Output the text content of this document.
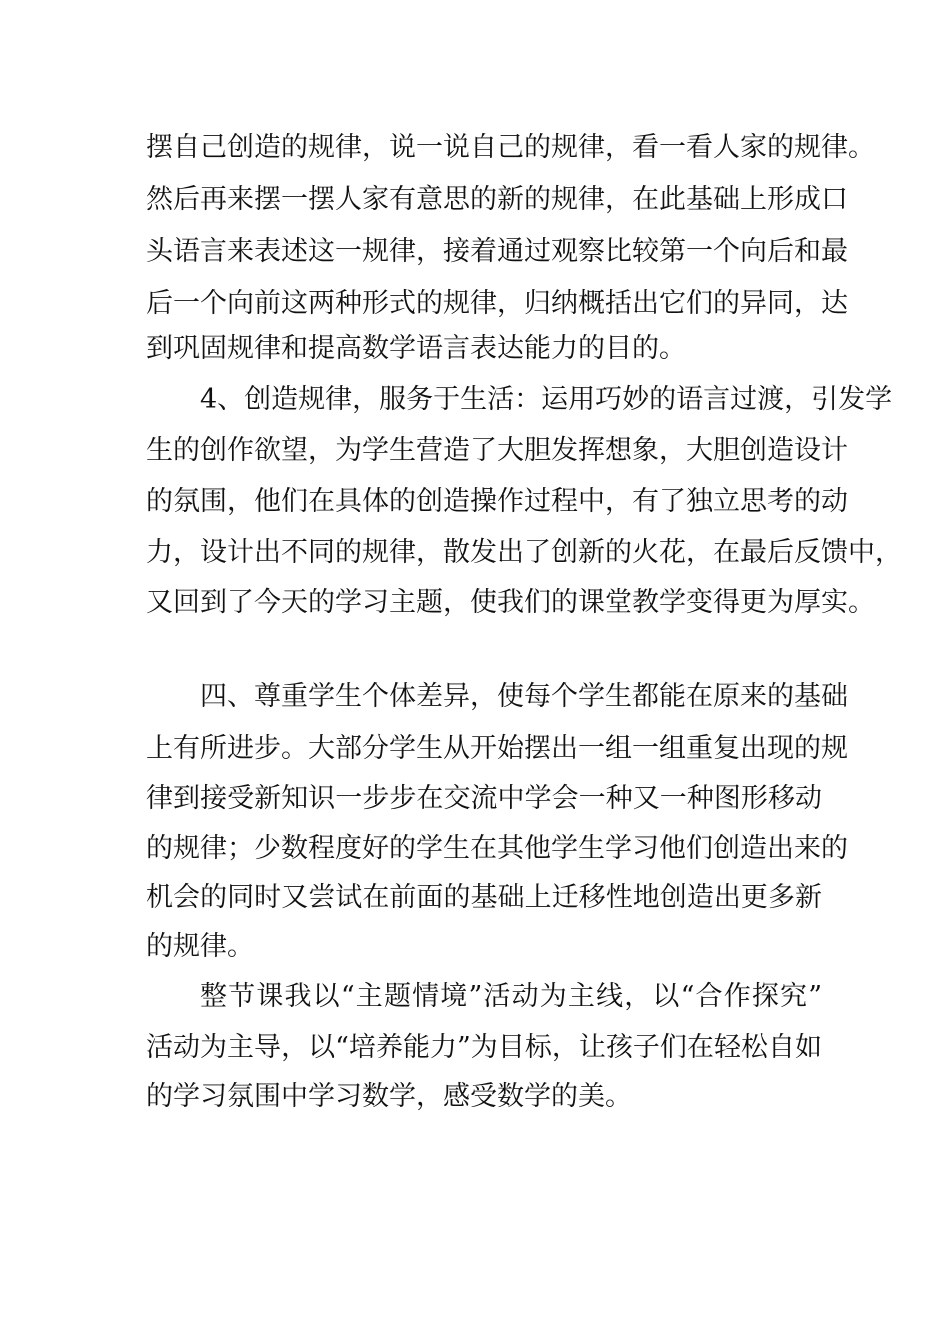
摆自己创造的规律，说一说自己的规律，看一看人家的规律。
然后再来摆一摆人家有意思的新的规律，在此基础上形成口
头语言来表述这一规律，接着通过观察比较第一个向后和最
后一个向前这两种形式的规律，归纳概括出它们的异同，达
到巩固规律和提高数学语言表达能力的目的。
4、创造规律，服务于生活：运用巧妙的语言过渡，引发学
生的创作欲望，为学生营造了大胆发挥想象，大胆创造设计
的氛围，他们在具体的创造操作过程中，有了独立思考的动
力，设计出不同的规律，散发出了创新的火花，在最后反馈中，
又回到了今天的学习主题，使我们的课堂教学变得更为厚实。
四、尊重学生个体差异，使每个学生都能在原来的基础
上有所进步。大部分学生从开始摆出一组一组重复出现的规
律到接受新知识一步步在交流中学会一种又一种图形移动
的规律；少数程度好的学生在其他学生学习他们创造出来的
机会的同时又尝试在前面的基础上迁移性地创造出更多新
的规律。
整节课我以“主题情境”活动为主线，以“合作探究”
活动为主导，以“培养能力”为目标，让孩子们在轻松自如
的学习氛围中学习数学，感受数学的美。
